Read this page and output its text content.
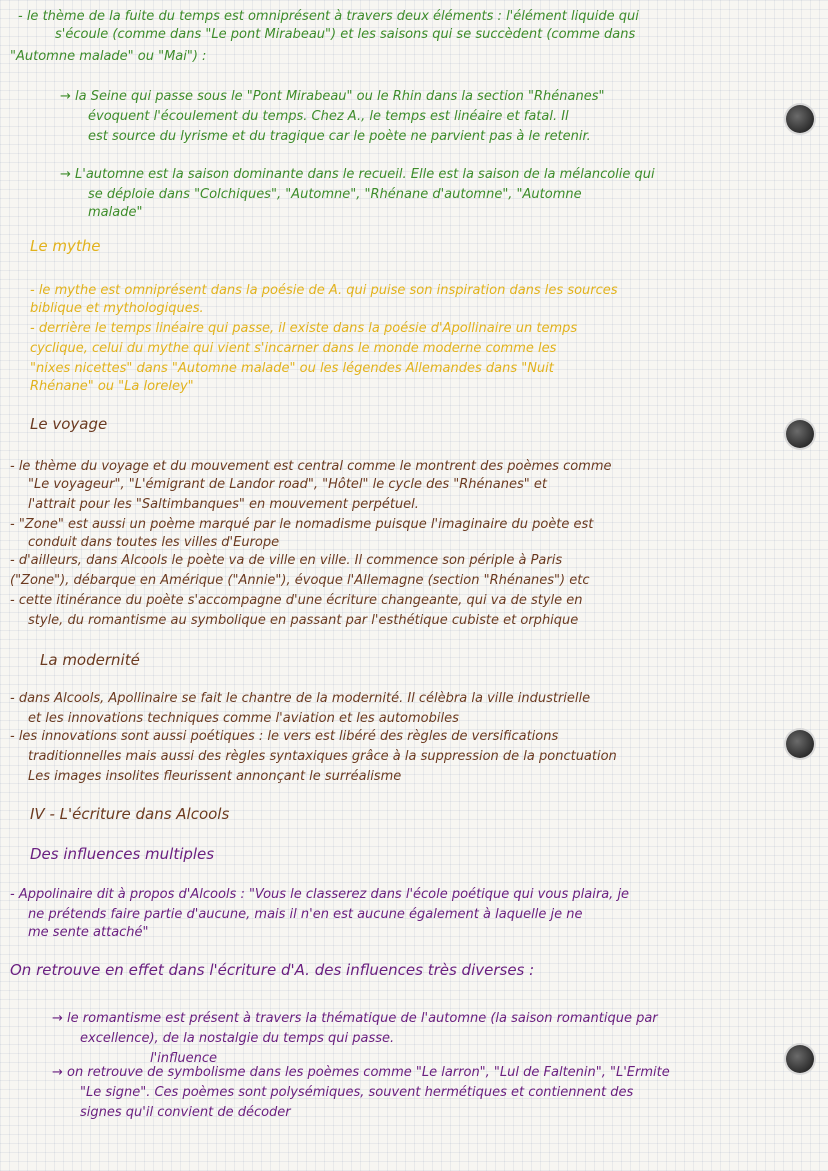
- le thème de la fuite du temps est omniprésent à travers deux éléments : l'élément liquide qui
s'écoule (comme dans "Le pont Mirabeau") et les saisons qui se succèdent (comme dans
"Automne malade" ou "Mai") :
→ la Seine qui passe sous le "Pont Mirabeau" ou le Rhin dans la section "Rhénanes"
évoquent l'écoulement du temps. Chez A., le temps est linéaire et fatal. Il
est source du lyrisme et du tragique car le poète ne parvient pas à le retenir.
→ L'automne est la saison dominante dans le recueil. Elle est la saison de la mélancolie qui
se déploie dans "Colchiques", "Automne", "Rhénane d'automne", "Automne
malade"
Le mythe
- le mythe est omniprésent dans la poésie de A. qui puise son inspiration dans les sources
biblique et mythologiques.
- derrière le temps linéaire qui passe, il existe dans la poésie d'Apollinaire un temps
cyclique, celui du mythe qui vient s'incarner dans le monde moderne comme les
"nixes nicettes" dans "Automne malade" ou les légendes Allemandes dans "Nuit
Rhénane" ou "La loreley"
Le voyage
- le thème du voyage et du mouvement est central comme le montrent des poèmes comme
"Le voyageur", "L'émigrant de Landor road", "Hôtel" le cycle des "Rhénanes" et
l'attrait pour les "Saltimbanques" en mouvement perpétuel.
- "Zone" est aussi un poème marqué par le nomadisme puisque l'imaginaire du poète est
conduit dans toutes les villes d'Europe
- d'ailleurs, dans Alcools le poète va de ville en ville. Il commence son périple à Paris
("Zone"), débarque en Amérique ("Annie"), évoque l'Allemagne (section "Rhénanes") etc
- cette itinérance du poète s'accompagne d'une écriture changeante, qui va de style en
style, du romantisme au symbolique en passant par l'esthétique cubiste et orphique
La modernité
- dans Alcools, Apollinaire se fait le chantre de la modernité. Il célèbra la ville industrielle
et les innovations techniques comme l'aviation et les automobiles
- les innovations sont aussi poétiques : le vers est libéré des règles de versifications
traditionnelles mais aussi des règles syntaxiques grâce à la suppression de la ponctuation
Les images insolites fleurissent annonçant le surréalisme
IV - L'écriture dans Alcools
Des influences multiples
- Appolinaire dit à propos d'Alcools : "Vous le classerez dans l'école poétique qui vous plaira, je
ne prétends faire partie d'aucune, mais il n'en est aucune également à laquelle je ne
me sente attaché"
On retrouve en effet dans l'écriture d'A. des influences très diverses :
→ le romantisme est présent à travers la thématique de l'automne (la saison romantique par
excellence), de la nostalgie du temps qui passe.
l'influence
→ on retrouve de symbolisme dans les poèmes comme "Le larron", "Lul de Faltenin", "L'Ermite
"Le signe". Ces poèmes sont polysémiques, souvent hermétiques et contiennent des
signes qu'il convient de décoder
